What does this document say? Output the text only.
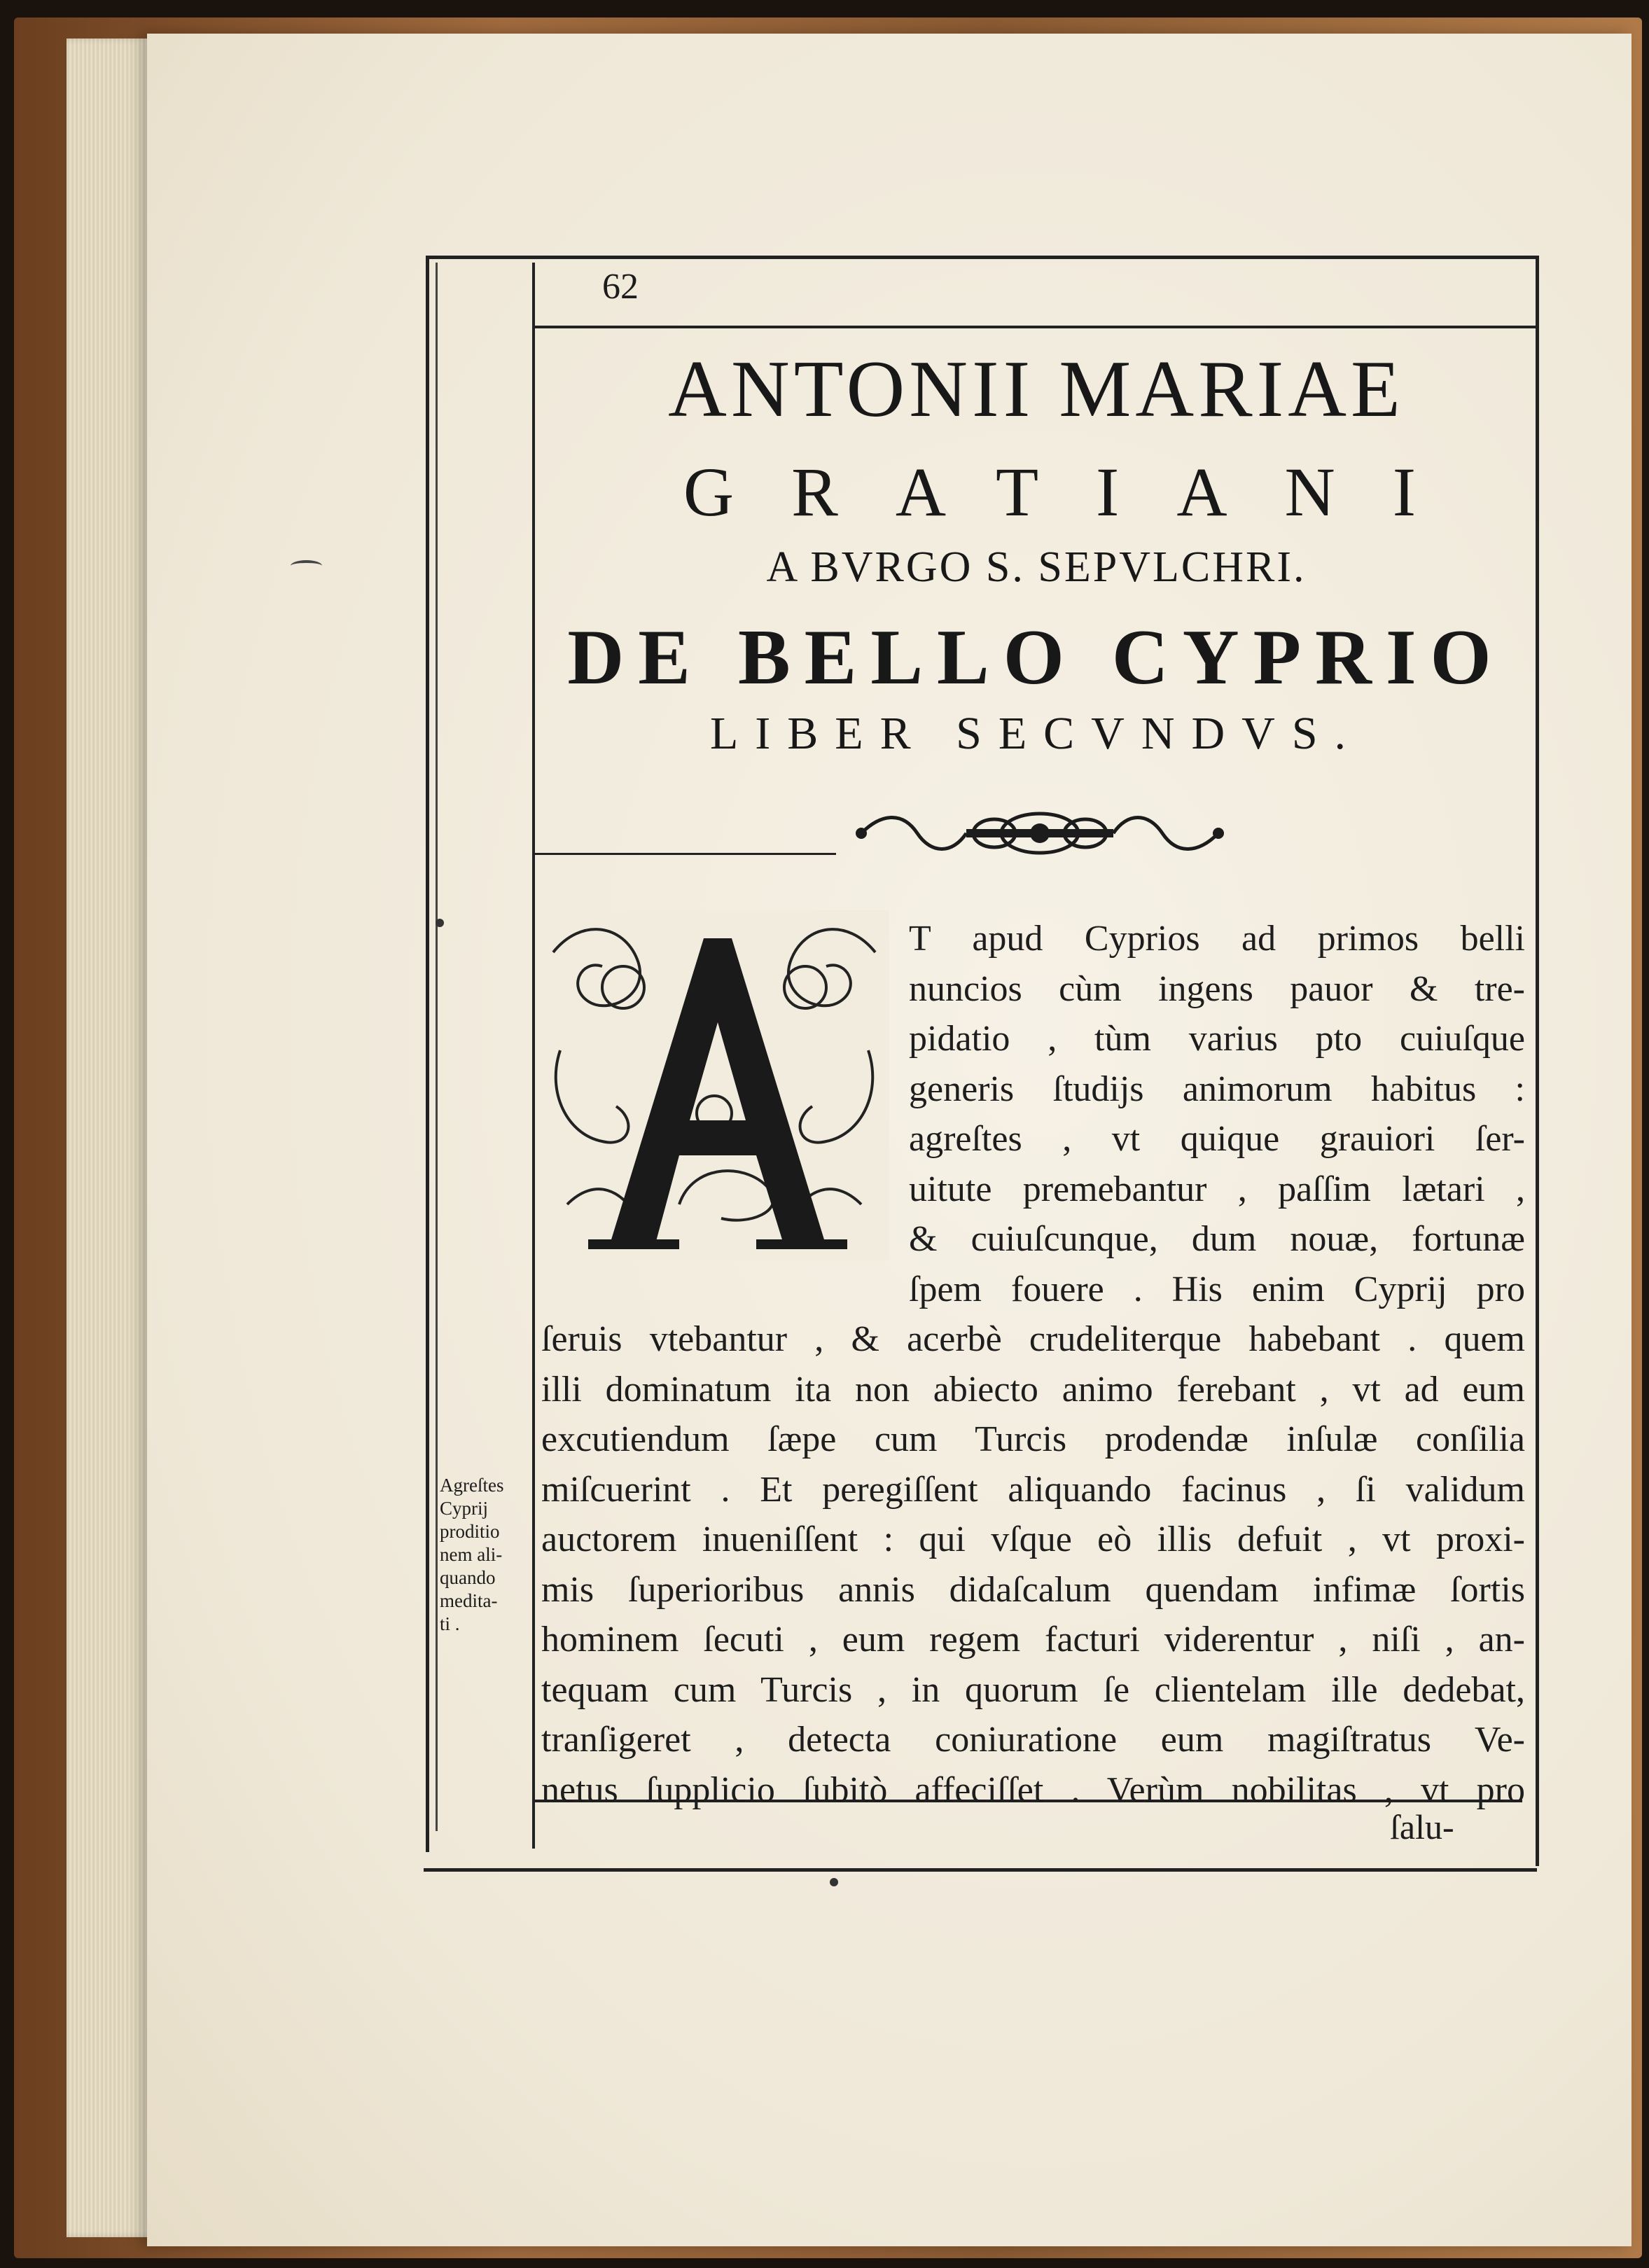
62
ANTONII MARIAE
GRATIANI
A BVRGO S. SEPVLCHRI.
DE BELLO CYPRIO
LIBER SECVNDVS.
T apud Cyprios ad primos belli
nuncios cùm ingens pauor & tre-
pidatio , tùm varius pto cuiuſque
generis ſtudijs animorum habitus :
agreſtes , vt quique grauiori ſer-
uitute premebantur , paſſim lætari ,
& cuiuſcunque, dum nouæ, fortunæ
ſpem fouere . His enim Cyprij pro
ſeruis vtebantur , & acerbè crudeliterque habebant . quem
illi dominatum ita non abiecto animo ferebant , vt ad eum
excutiendum ſæpe cum Turcis prodendæ inſulæ conſilia
miſcuerint . Et peregiſſent aliquando facinus , ſi validum
auctorem inueniſſent : qui vſque eò illis defuit , vt proxi-
mis ſuperioribus annis didaſcalum quendam infimæ ſortis
hominem ſecuti , eum regem facturi viderentur , niſi , an-
tequam cum Turcis , in quorum ſe clientelam ille dedebat,
tranſigeret , detecta coniuratione eum magiſtratus Ve-
netus ſupplicio ſubitò affeciſſet . Verùm nobilitas , vt pro
Agreſtes
Cyprij
proditio
nem ali-
quando
medita-
ti .
ſalu-
